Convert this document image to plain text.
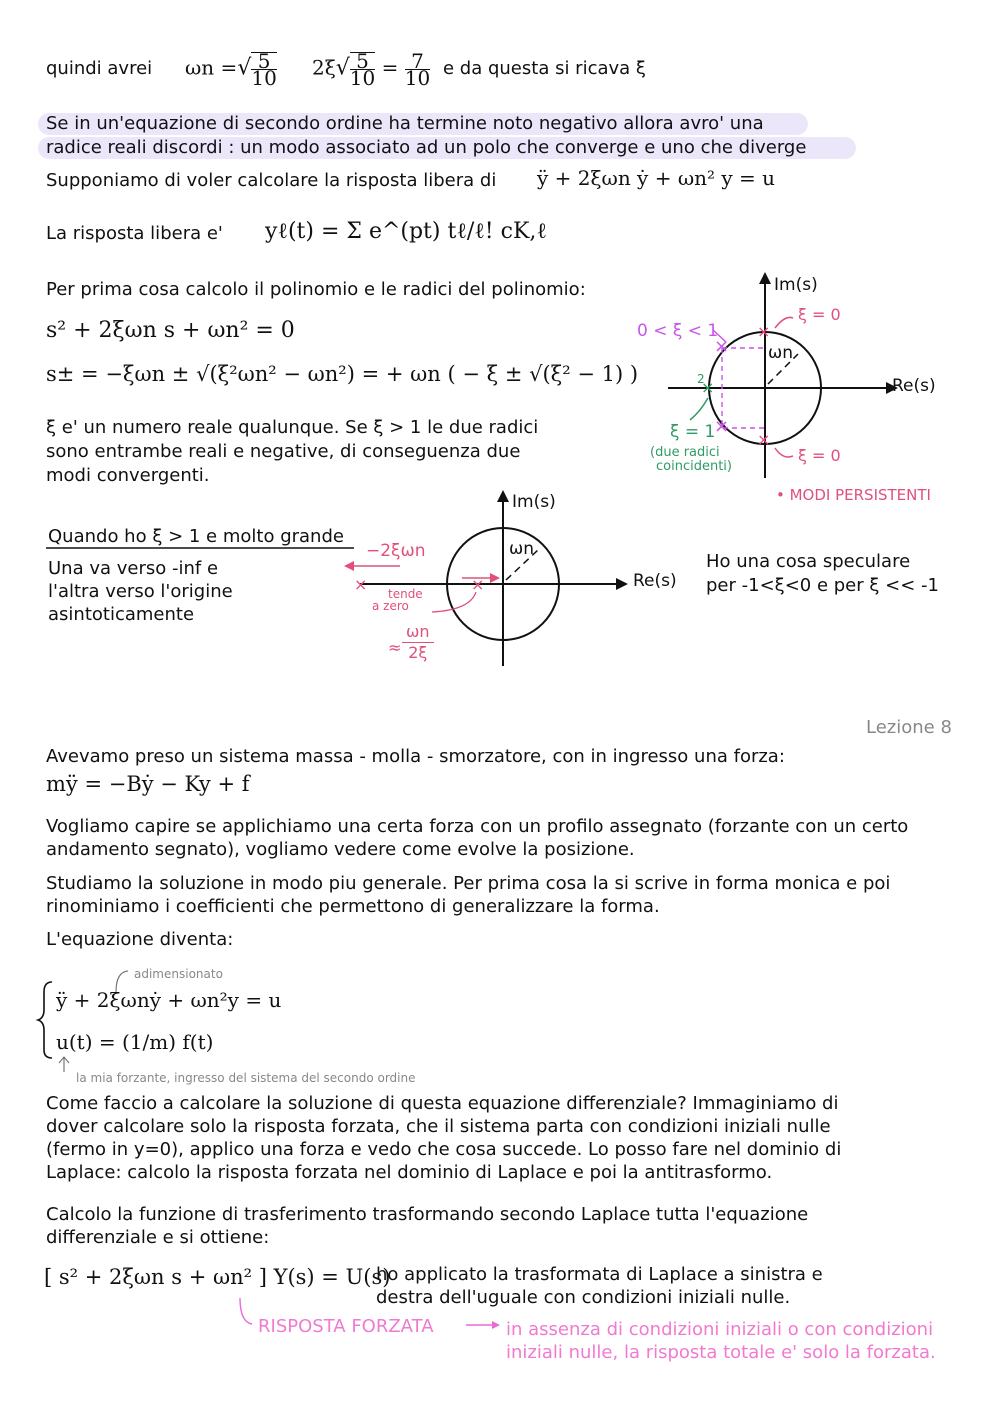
quindi avrei ωn =√ $\frac{5}{10} 2\xi√ \frac{5}{10} = \frac{7}{10}$ e da questa si ricava ξ
Se in un'equazione di secondo ordine ha termine noto negativo allora avro' una
radice reali discordi : un modo associato ad un polo che converge e uno che diverge
Supponiamo di voler calcolare la risposta libera di ÿ + 2ξωn ẏ + ωn² y = u
La risposta libera e' yℓ(t) = Σ e^(pt) tℓ/ℓ! cK,ℓ
Per prima cosa calcolo il polinomio e le radici del polinomio:
s² + 2ξωn s + ωn² = 0
s± = −ξωn ± √(ξ²ωn² − ωn²) = + ωn ( − ξ ± √(ξ² − 1) )
ξ e' un numero reale qualunque. Se ξ > 1 le due radici
sono entrambe reali e negative, di conseguenza due
modi convergenti.
×
×
×
×
×
×	×
Im(s)
Re(s)
ωn
ξ = 0
ξ = 0
0 < ξ < 1
2
ξ = 1
(due radici
coincidenti)
• MODI PERSISTENTI
Quando ho ξ > 1 e molto grande
Una va verso -inf e
l'altra verso l'origine
asintoticamente
Im(s)
Re(s)
ωn
−2ξωn
tende
a zero
≈ $\frac{\omega n}{2\xi}$
Ho una cosa speculare
per -1<ξ<0 e per ξ << -1
Lezione 8
Avevamo preso un sistema massa - molla - smorzatore, con in ingresso una forza:
mÿ = −Bẏ − Ky + f
Vogliamo capire se applichiamo una certa forza con un profilo assegnato (forzante con un certo
andamento segnato), vogliamo vedere come evolve la posizione.
Studiamo la soluzione in modo piu generale. Per prima cosa la si scrive in forma monica e poi
rinominiamo i coefficienti che permettono di generalizzare la forma.
L'equazione diventa:
adimensionato
ÿ + 2ξωnẏ + ωn²y = u
u(t) = (1/m) f(t)
la mia forzante, ingresso del sistema del secondo ordine
Come faccio a calcolare la soluzione di questa equazione differenziale? Immaginiamo di
dover calcolare solo la risposta forzata, che il sistema parta con condizioni iniziali nulle
(fermo in y=0), applico una forza e vedo che cosa succede. Lo posso fare nel dominio di
Laplace: calcolo la risposta forzata nel dominio di Laplace e poi la antitrasformo.
Calcolo la funzione di trasferimento trasformando secondo Laplace tutta l'equazione
differenziale e si ottiene:
[ s² + 2ξωn s + ωn² ] Y(s) = U(s)
ho applicato la trasformata di Laplace a sinistra e
destra dell'uguale con condizioni iniziali nulle.
RISPOSTA FORZATA	in assenza di condizioni iniziali o con condizioni
iniziali nulle, la risposta totale e' solo la forzata.
